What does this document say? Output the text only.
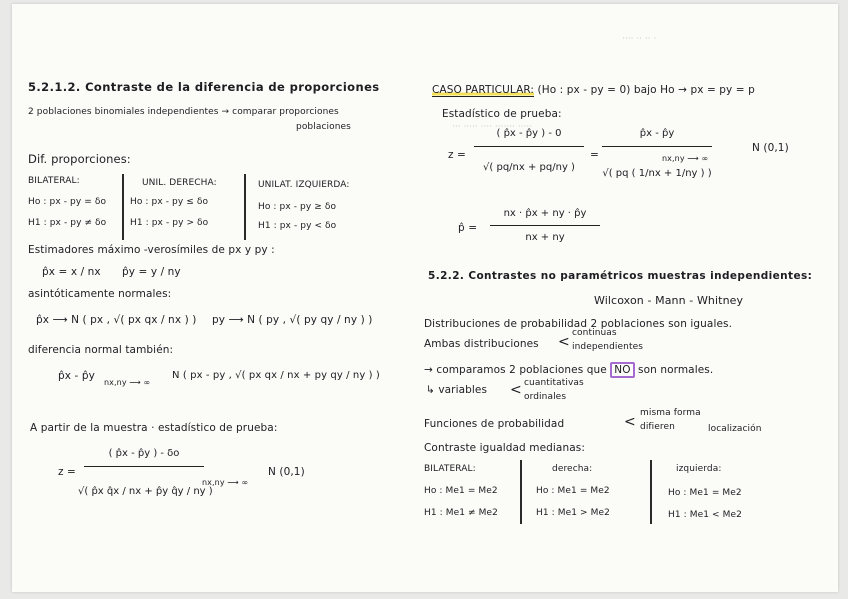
···· ·· ·· ·
··· ····· ···· ······· ·····
5.2.1.2. Contraste de la diferencia de proporciones
2 poblaciones binomiales independientes → comparar proporciones
poblaciones
Dif. proporciones:
BILATERAL:
Ho : px - py = δo
H1 : px - py ≠ δo
UNIL. DERECHA:
Ho : px - py ≤ δo
H1 : px - py > δo
UNILAT. IZQUIERDA:
Ho : px - py ≥ δo
H1 : px - py < δo
Estimadores máximo -verosímiles de px y py :
p̂x = x / nx p̂y = y / ny
asintóticamente normales:
p̂x ⟶ N ( px , √( px qx / nx ) ) py ⟶ N ( py , √( py qy / ny ) )
diferencia normal también:
p̂x - p̂y
nx,ny ⟶ ∞
N ( px - py , √( px qx / nx + py qy / ny ) )
A partir de la muestra · estadístico de prueba:
z =
( p̂x - p̂y ) - δo
√( p̂x q̂x / nx + p̂y q̂y / ny )
nx,ny ⟶ ∞
N (0,1)
CASO PARTICULAR: (Ho : px - py = 0) bajo Ho → px = py = p
Estadístico de prueba:
z =
( p̂x - p̂y ) - 0
√( pq/nx + pq/ny )
=
p̂x - p̂y
√( pq ( 1/nx + 1/ny ) )
nx,ny ⟶ ∞
N (0,1)
p̂ =
nx · p̂x + ny · p̂y
nx + ny
5.2.2. Contrastes no paramétricos muestras independientes:
Wilcoxon - Mann - Whitney
Distribuciones de probabilidad 2 poblaciones son iguales.
Ambas distribuciones <
continuas
independientes
→ comparamos 2 poblaciones que NO son normales.
↳ variables < cuantitativas
ordinales
Funciones de probabilidad	<
misma forma
difieren	localización
Contraste igualdad medianas:
BILATERAL:
Ho : Me1 = Me2
H1 : Me1 ≠ Me2
derecha:
Ho : Me1 = Me2
H1 : Me1 > Me2
izquierda:
Ho : Me1 = Me2
H1 : Me1 < Me2
